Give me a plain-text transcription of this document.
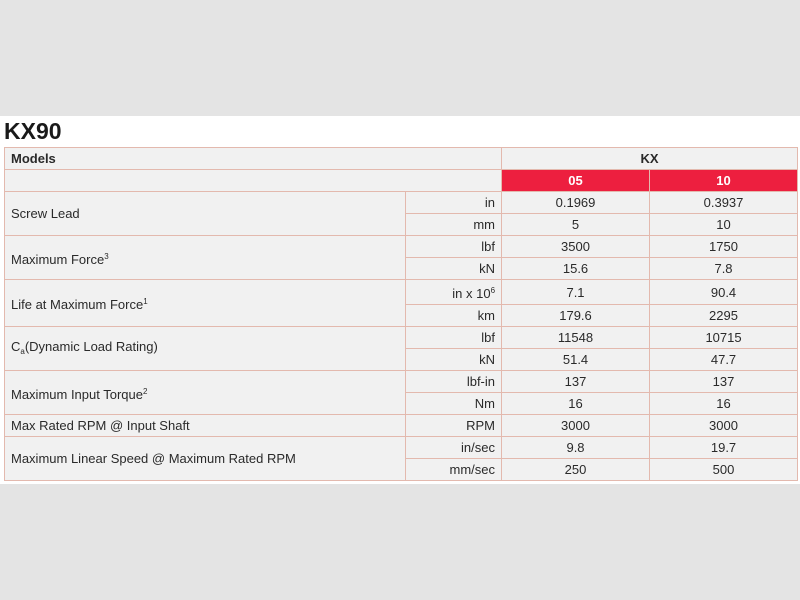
KX90
Models		KX	
		05	10
Screw Lead	in	0.1969	0.3937
	mm	5	10
Maximum Force$^3$	lbf	3500	1750
	kN	15.6	7.8
Life at Maximum Force$^1$	in x $10^6$	7.1	90.4
	km	179.6	2295
$C_a(Dynamic$ Load Rating)	lbf	11548	10715
	kN	51.4	47.7
Maximum Input Torque$^2$	lbf-in	137	137
	Nm	16	16
Max Rated RPM @ Input Shaft	RPM	3000	3000
Maximum Linear Speed @ Maximum Rated RPM	in/sec	9.8	19.7
	mm/sec	250	500
